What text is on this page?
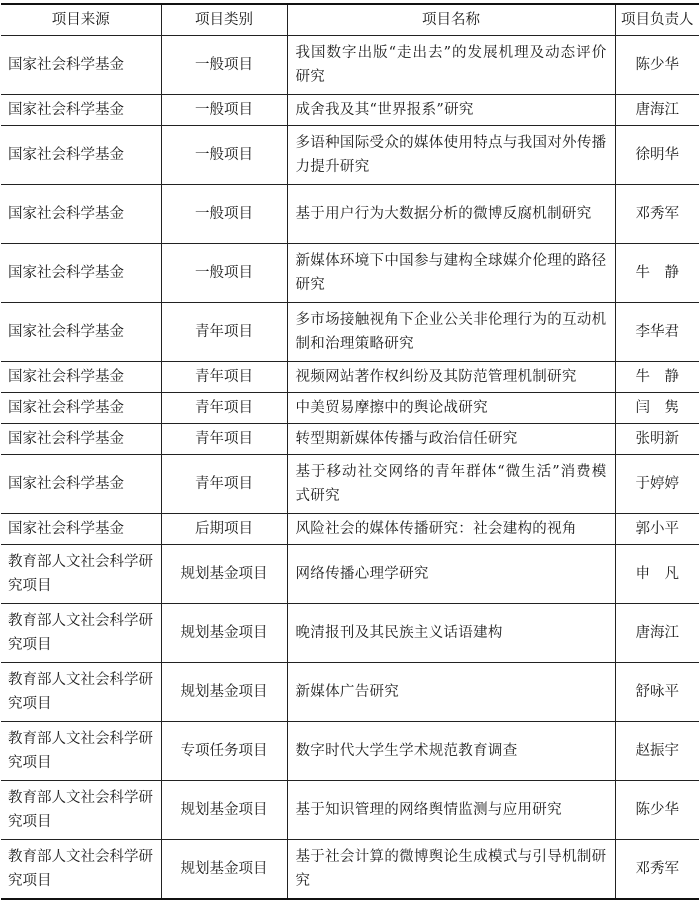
项目来源	项目类别	项目名称	项目负责人
国家社会科学基金	一般项目	我国数字出版“走出去”的发展机理及动态评价研究	陈少华
国家社会科学基金	一般项目	成舍我及其“世界报系”研究	唐海江
国家社会科学基金	一般项目	多语种国际受众的媒体使用特点与我国对外传播力提升研究	徐明华
国家社会科学基金	一般项目	基于用户行为大数据分析的微博反腐机制研究	邓秀军
国家社会科学基金	一般项目	新媒体环境下中国参与建构全球媒介伦理的路径研究	牛　静
国家社会科学基金	青年项目	多市场接触视角下企业公关非伦理行为的互动机制和治理策略研究	李华君
国家社会科学基金	青年项目	视频网站著作权纠纷及其防范管理机制研究	牛　静
国家社会科学基金	青年项目	中美贸易摩擦中的舆论战研究	闫　隽
国家社会科学基金	青年项目	转型期新媒体传播与政治信任研究	张明新
国家社会科学基金	青年项目	基于移动社交网络的青年群体“微生活”消费模式研究	于婷婷
国家社会科学基金	后期项目	风险社会的媒体传播研究：社会建构的视角	郭小平
教育部人文社会科学研究项目	规划基金项目	网络传播心理学研究	申　凡
教育部人文社会科学研究项目	规划基金项目	晚清报刊及其民族主义话语建构	唐海江
教育部人文社会科学研究项目	规划基金项目	新媒体广告研究	舒咏平
教育部人文社会科学研究项目	专项任务项目	数字时代大学生学术规范教育调查	赵振宇
教育部人文社会科学研究项目	规划基金项目	基于知识管理的网络舆情监测与应用研究	陈少华
教育部人文社会科学研究项目	规划基金项目	基于社会计算的微博舆论生成模式与引导机制研究	邓秀军
